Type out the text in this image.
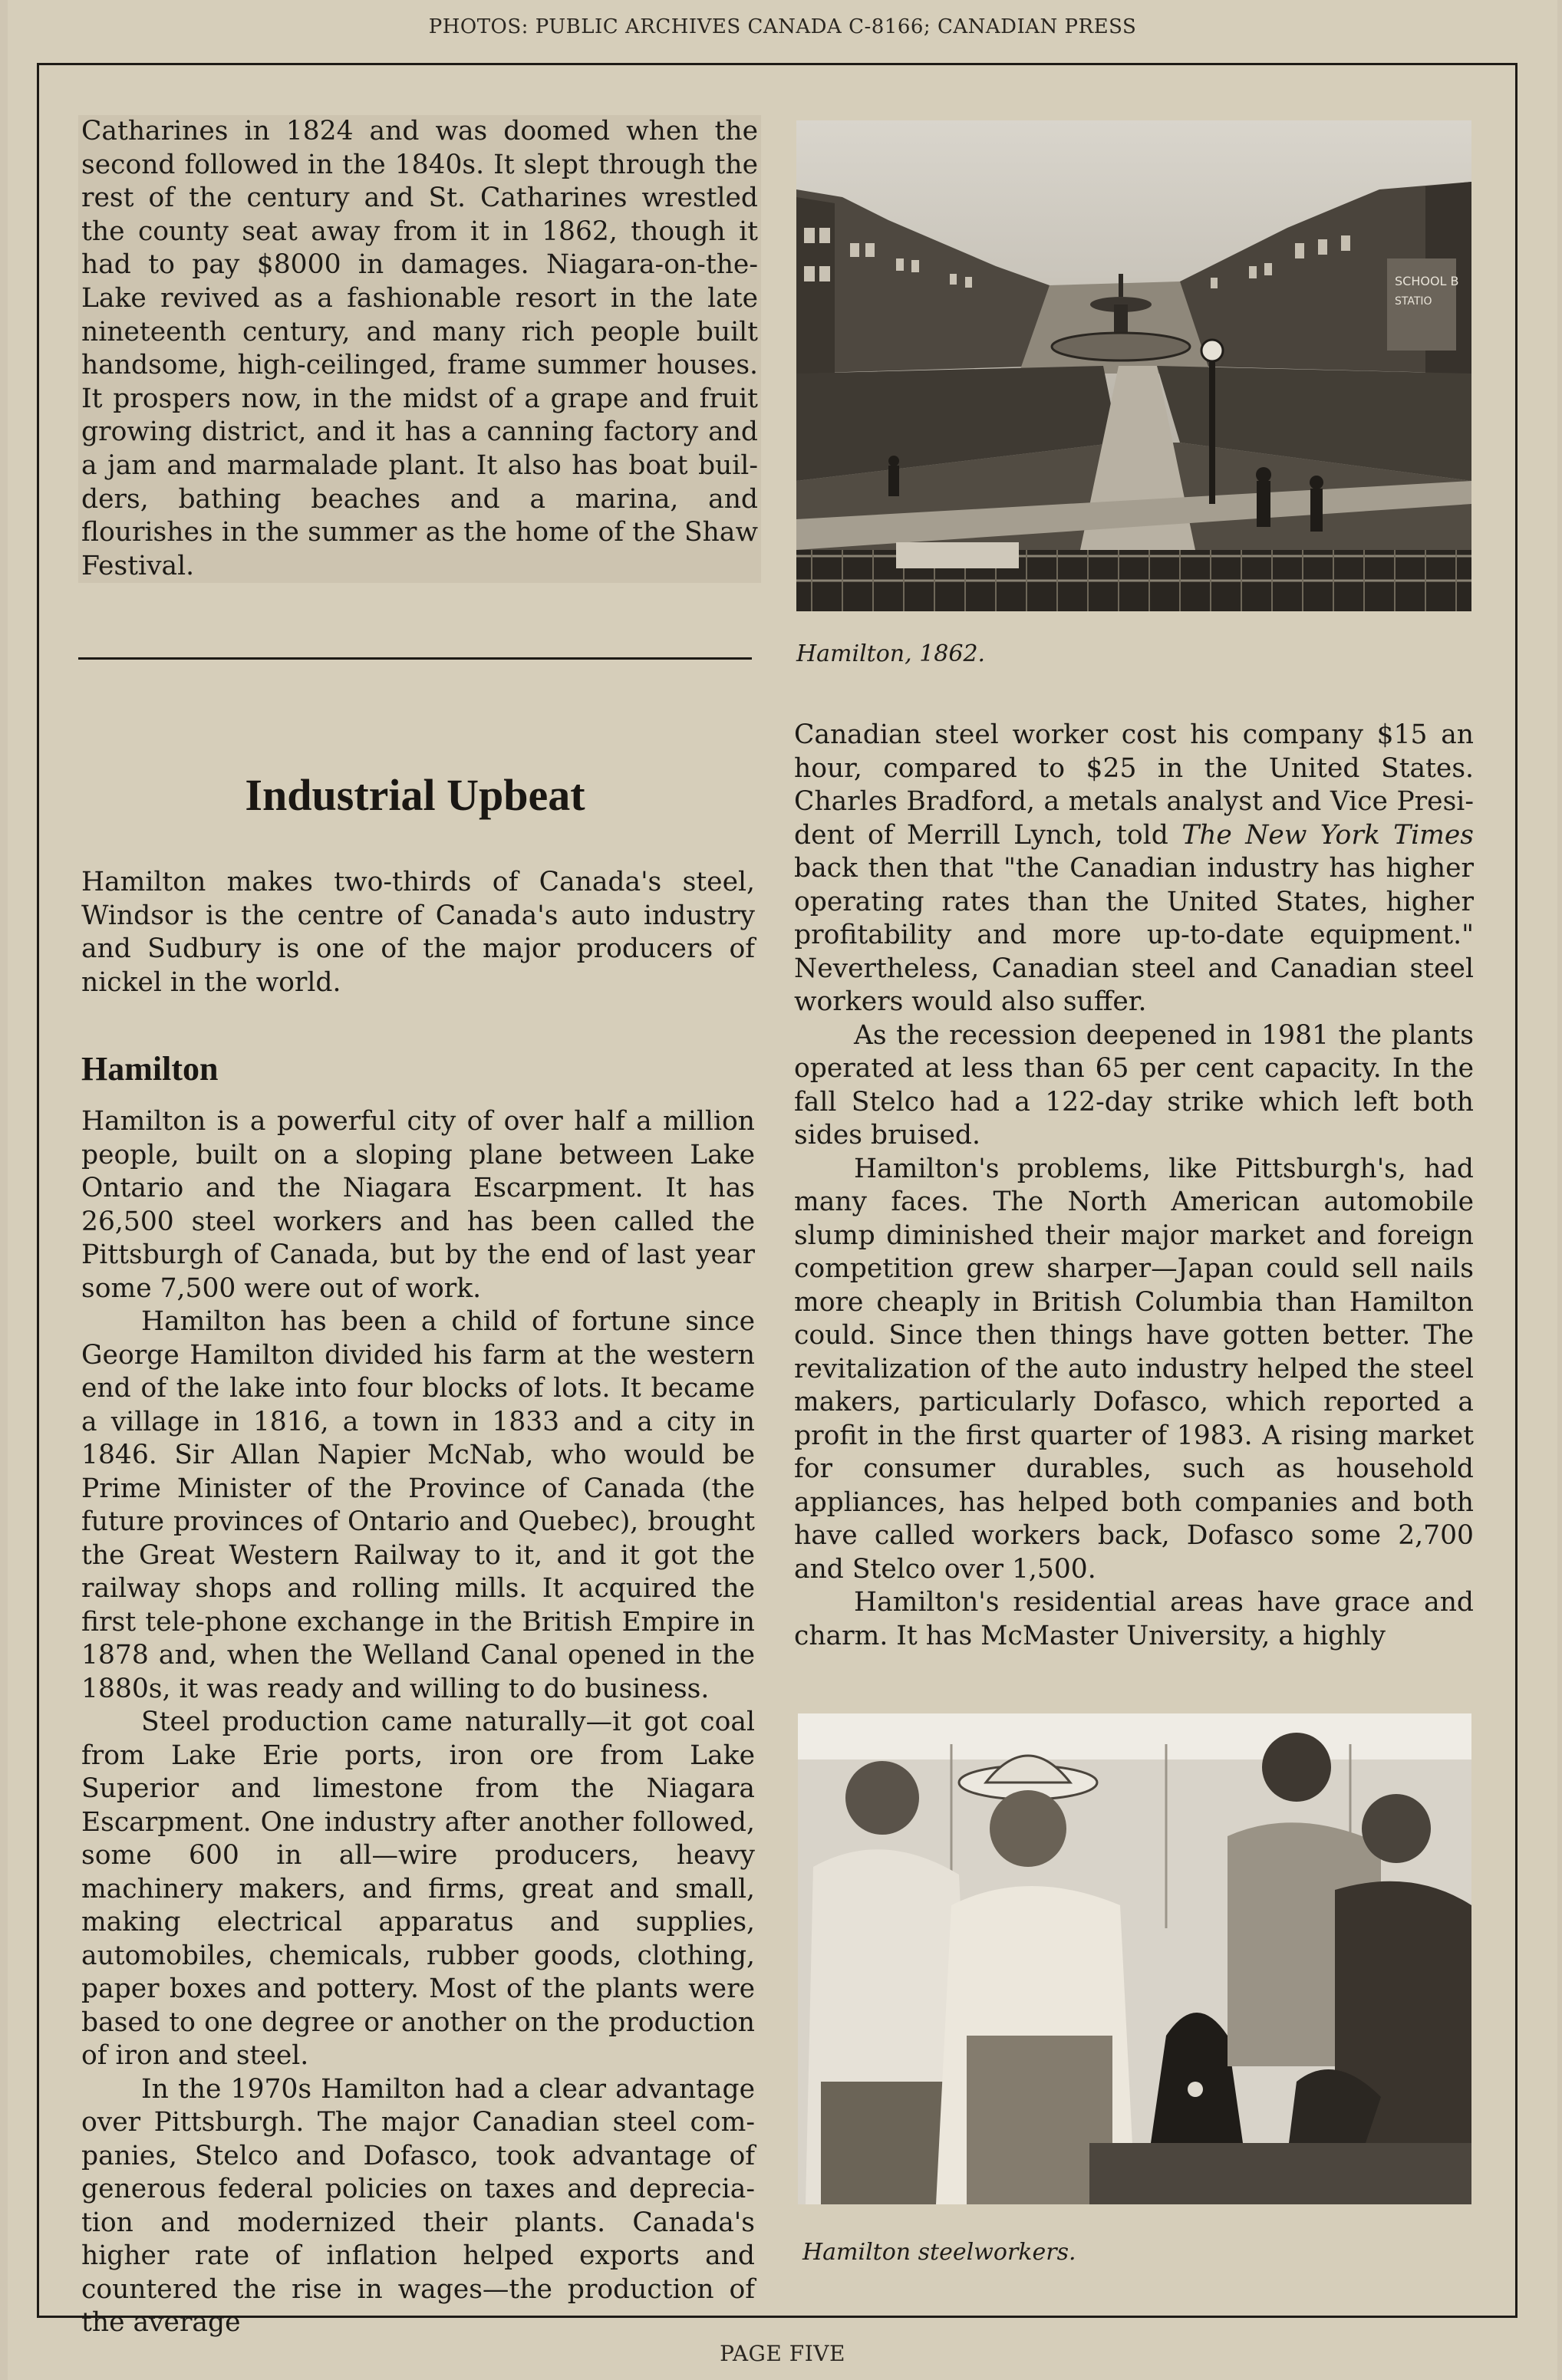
PHOTOS: PUBLIC ARCHIVES CANADA C-8166; CANADIAN PRESS

Catharines in 1824 and was doomed when the second followed in the 1840s. It slept through the rest of the century and St. Catharines wrestled the county seat away from it in 1862, though it had to pay $8000 in damages. Niagara-on-the-Lake revived as a fashionable resort in the late nineteenth century, and many rich people built handsome, high-ceilinged, frame summer houses. It prospers now, in the midst of a grape and fruit growing district, and it has a canning factory and a jam and marmalade plant. It also has boat buil-ders, bathing beaches and a marina, and flourishes in the summer as the home of the Shaw Festival.

SCHOOL B
STATIO
Hamilton, 1862.
Industrial Upbeat

Hamilton makes two-thirds of Canada's steel, Windsor is the centre of Canada's auto industry and Sudbury is one of the major producers of nickel in the world.

Hamilton

Hamilton is a powerful city of over half a million people, built on a sloping plane between Lake Ontario and the Niagara Escarpment. It has 26,500 steel workers and has been called the Pittsburgh of Canada, but by the end of last year some 7,500 were out of work.

Hamilton has been a child of fortune since George Hamilton divided his farm at the western end of the lake into four blocks of lots. It became a village in 1816, a town in 1833 and a city in 1846. Sir Allan Napier McNab, who would be Prime Minister of the Province of Canada (the future provinces of Ontario and Quebec), brought the Great Western Railway to it, and it got the railway shops and rolling mills. It acquired the first tele-phone exchange in the British Empire in 1878 and, when the Welland Canal opened in the 1880s, it was ready and willing to do business.

Steel production came naturally—it got coal from Lake Erie ports, iron ore from Lake Superior and limestone from the Niagara Escarpment. One industry after another followed, some 600 in all—wire producers, heavy machinery makers, and firms, great and small, making electrical apparatus and supplies, automobiles, chemicals, rubber goods, clothing, paper boxes and pottery. Most of the plants were based to one degree or another on the production of iron and steel.

In the 1970s Hamilton had a clear advantage over Pittsburgh. The major Canadian steel com-panies, Stelco and Dofasco, took advantage of generous federal policies on taxes and deprecia-tion and modernized their plants. Canada's higher rate of inflation helped exports and countered the rise in wages—the production of the average

Canadian steel worker cost his company $15 an hour, compared to $25 in the United States. Charles Bradford, a metals analyst and Vice Presi-dent of Merrill Lynch, told The New York Times back then that "the Canadian industry has higher operating rates than the United States, higher profitability and more up-to-date equipment." Nevertheless, Canadian steel and Canadian steel workers would also suffer.

As the recession deepened in 1981 the plants operated at less than 65 per cent capacity. In the fall Stelco had a 122-day strike which left both sides bruised.

Hamilton's problems, like Pittsburgh's, had many faces. The North American automobile slump diminished their major market and foreign competition grew sharper—Japan could sell nails more cheaply in British Columbia than Hamilton could. Since then things have gotten better. The revitalization of the auto industry helped the steel makers, particularly Dofasco, which reported a profit in the first quarter of 1983. A rising market for consumer durables, such as household appliances, has helped both companies and both have called workers back, Dofasco some 2,700 and Stelco over 1,500.

Hamilton's residential areas have grace and charm. It has McMaster University, a highly

Hamilton steelworkers.
PAGE FIVE
